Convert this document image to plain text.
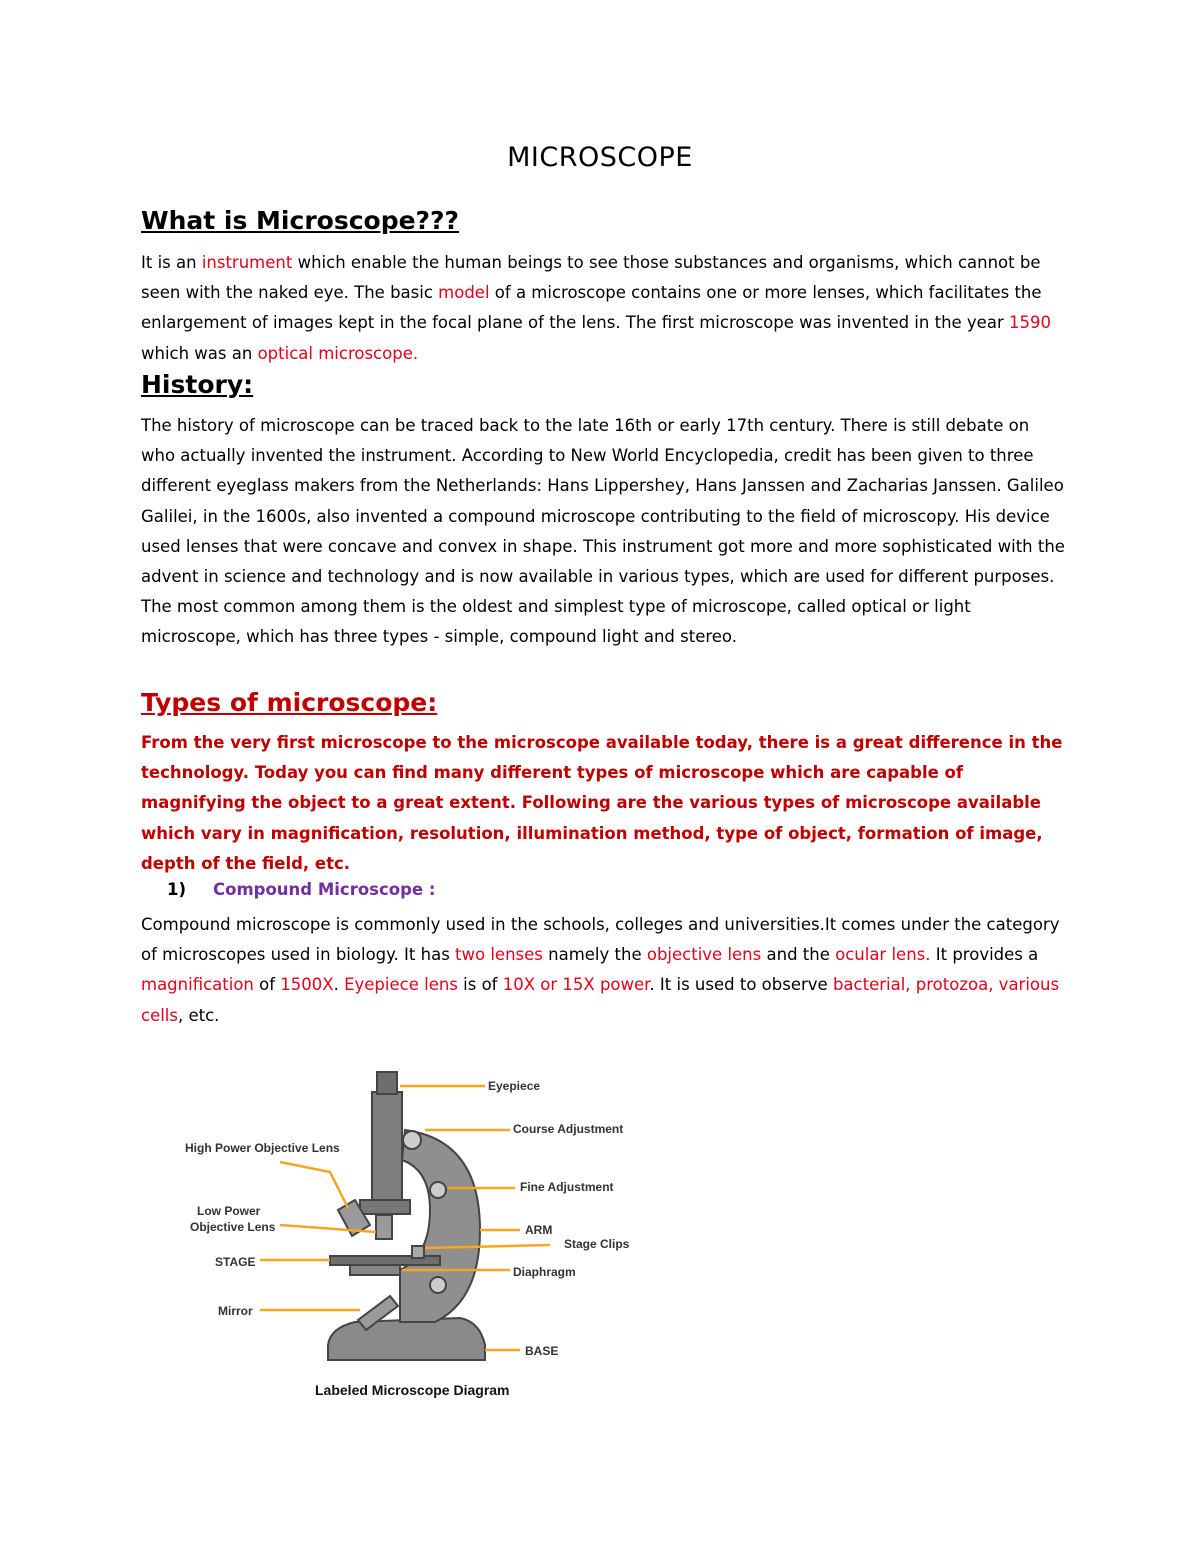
MICROSCOPE
What is Microscope???

It is an instrument which enable the human beings to see those substances and organisms, which cannot be seen with the naked eye. The basic model of a microscope contains one or more lenses, which facilitates the enlargement of images kept in the focal plane of the lens. The first microscope was invented in the year 1590 which was an optical microscope.

History:

The history of microscope can be traced back to the late 16th or early 17th century. There is still debate on who actually invented the instrument. According to New World Encyclopedia, credit has been given to three different eyeglass makers from the Netherlands: Hans Lippershey, Hans Janssen and Zacharias Janssen. Galileo Galilei, in the 1600s, also invented a compound microscope contributing to the field of microscopy. His device used lenses that were concave and convex in shape. This instrument got more and more sophisticated with the advent in science and technology and is now available in various types, which are used for different purposes. The most common among them is the oldest and simplest type of microscope, called optical or light microscope, which has three types - simple, compound light and stereo.

Types of microscope:

From the very first microscope to the microscope available today, there is a great difference in the technology. Today you can find many different types of microscope which are capable of magnifying the object to a great extent. Following are the various types of microscope available which vary in magnification, resolution, illumination method, type of object, formation of image, depth of the field, etc.

1) Compound Microscope :

Compound microscope is commonly used in the schools, colleges and universities.It comes under the category of microscopes used in biology. It has two lenses namely the objective lens and the ocular lens. It provides a magnification of 1500X. Eyepiece lens is of 10X or 15X power. It is used to observe bacterial, protozoa, various cells, etc.

Eyepiece
Course Adjustment
High Power Objective Lens
Fine Adjustment
Low Power
Objective Lens	ARM
Stage Clips
STAGE
Diaphragm
Mirror
BASE
Labeled Microscope Diagram
